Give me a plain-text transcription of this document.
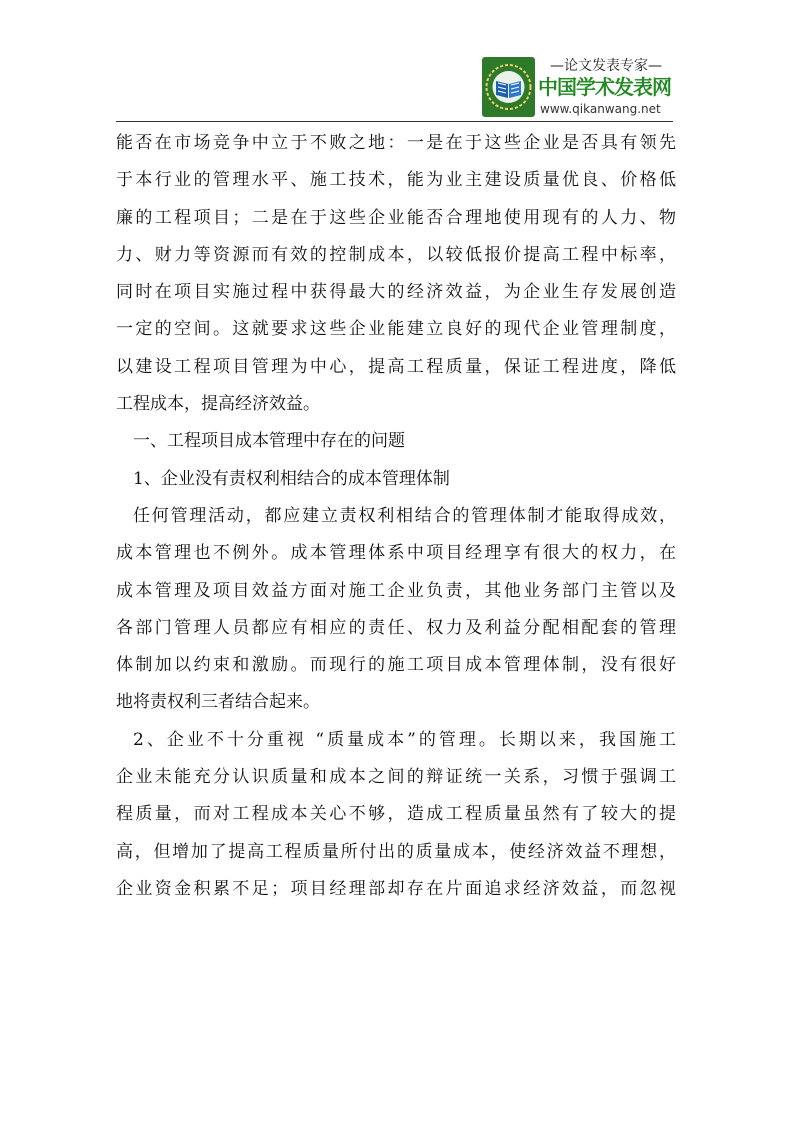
—论文发表专家—
中国学术发表网
www.qikanwang.net

能否在市场竞争中立于不败之地：一是在于这些企业是否具有领先

于本行业的管理水平、施工技术，能为业主建设质量优良、价格低

廉的工程项目；二是在于这些企业能否合理地使用现有的人力、物

力、财力等资源而有效的控制成本，以较低报价提高工程中标率，

同时在项目实施过程中获得最大的经济效益，为企业生存发展创造

一定的空间。这就要求这些企业能建立良好的现代企业管理制度，

以建设工程项目管理为中心，提高工程质量，保证工程进度，降低

工程成本，提高经济效益。

一、工程项目成本管理中存在的问题

1、企业没有责权利相结合的成本管理体制

任何管理活动，都应建立责权利相结合的管理体制才能取得成效，

成本管理也不例外。成本管理体系中项目经理享有很大的权力，在

成本管理及项目效益方面对施工企业负责，其他业务部门主管以及

各部门管理人员都应有相应的责任、权力及利益分配相配套的管理

体制加以约束和激励。而现行的施工项目成本管理体制，没有很好

地将责权利三者结合起来。

2、企业不十分重视 “质量成本”的管理。长期以来，我国施工

企业未能充分认识质量和成本之间的辩证统一关系，习惯于强调工

程质量，而对工程成本关心不够，造成工程质量虽然有了较大的提

高，但增加了提高工程质量所付出的质量成本，使经济效益不理想，

企业资金积累不足；项目经理部却存在片面追求经济效益，而忽视
